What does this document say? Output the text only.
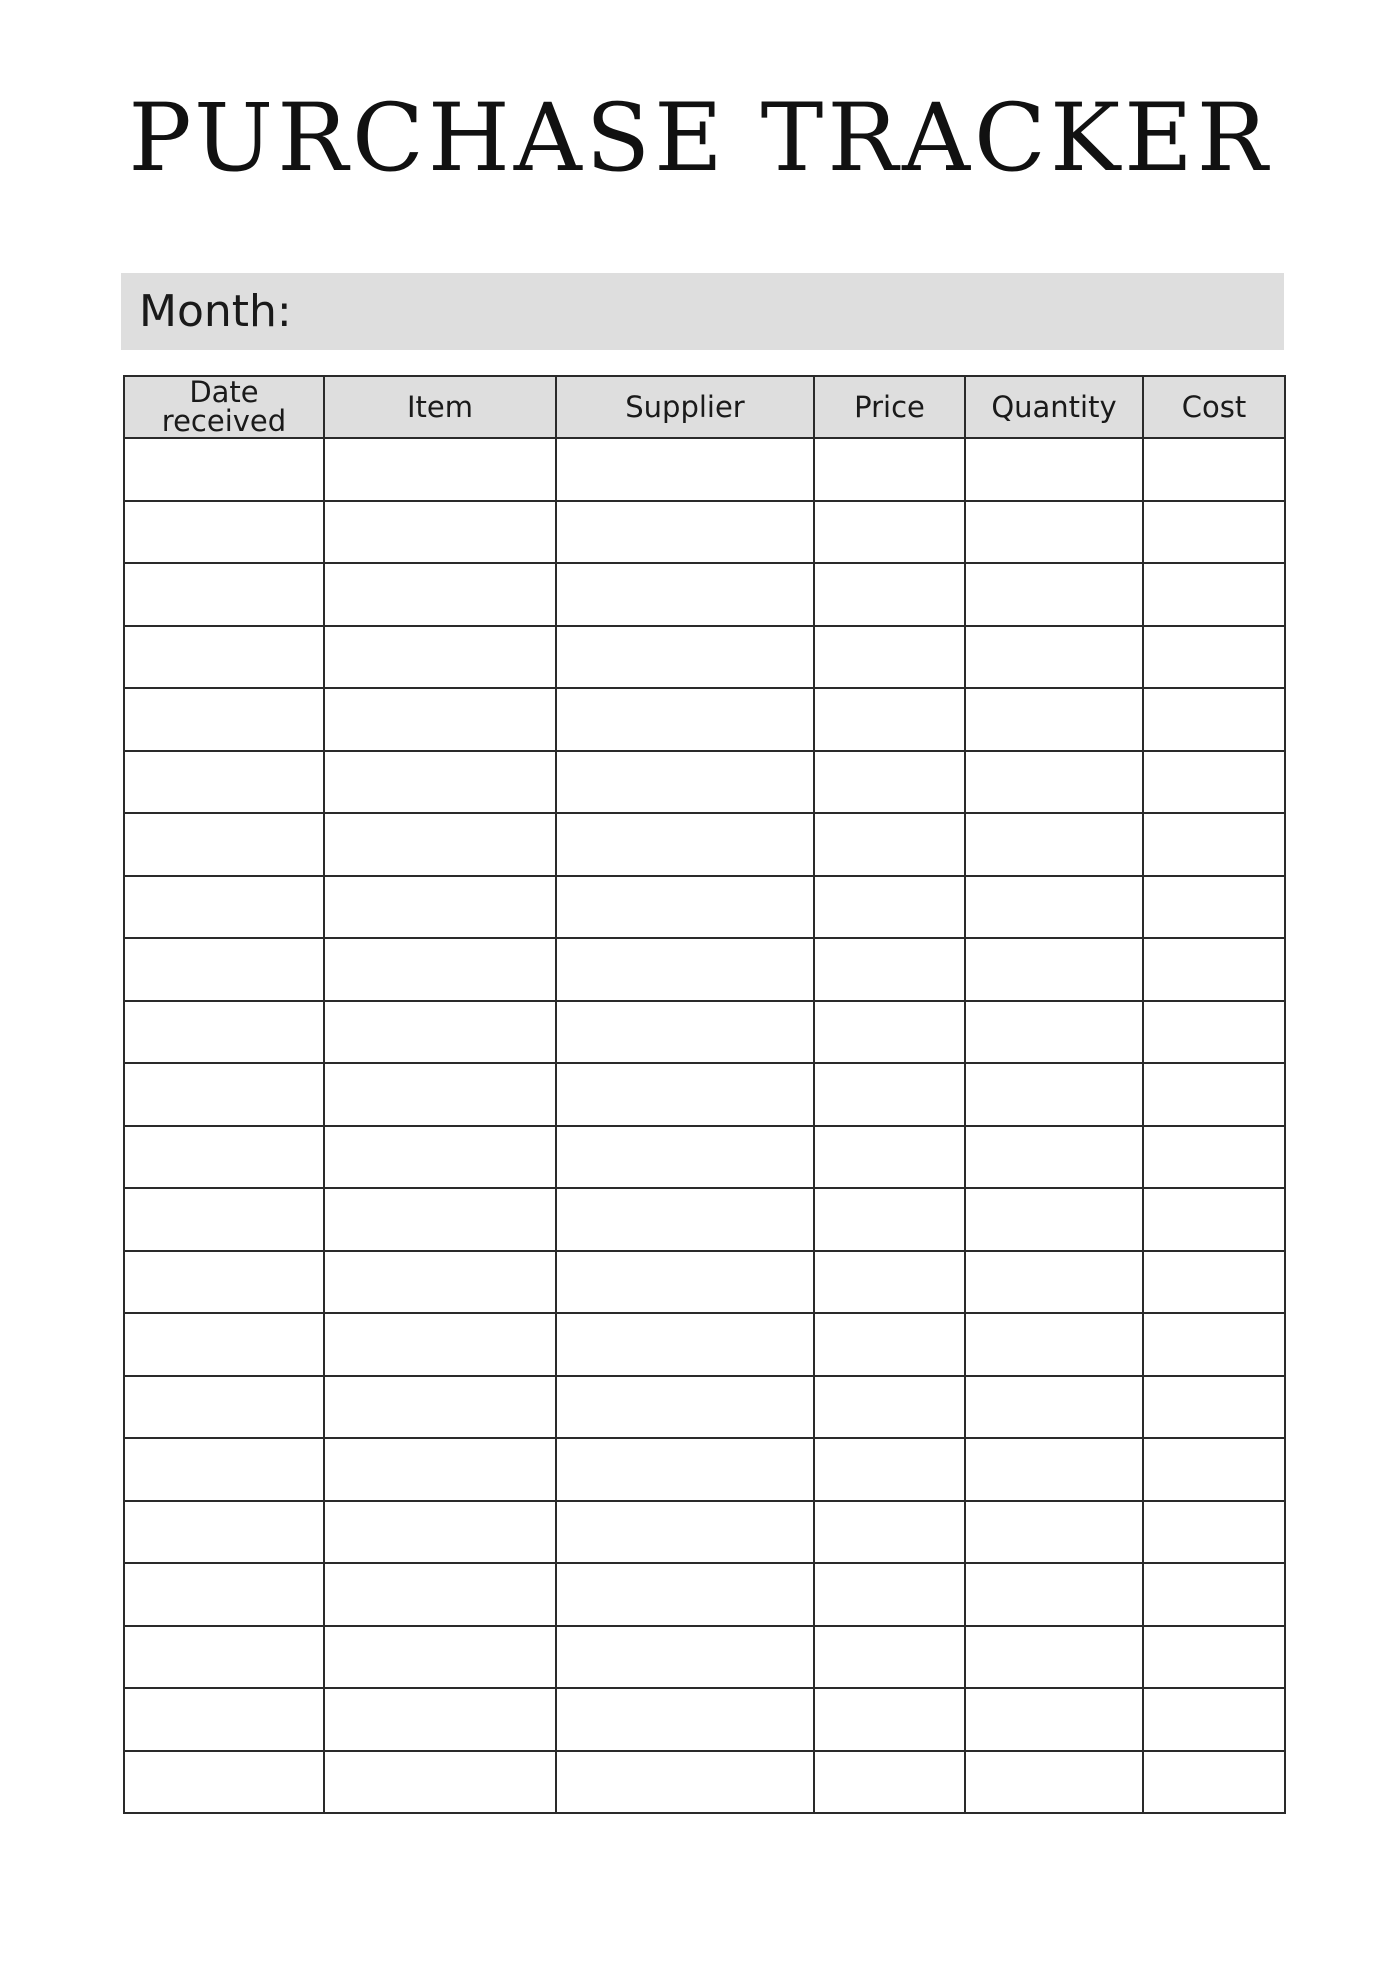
PURCHASE TRACKER
Month:
Date
received	Item	Supplier	Price	Quantity	Cost
